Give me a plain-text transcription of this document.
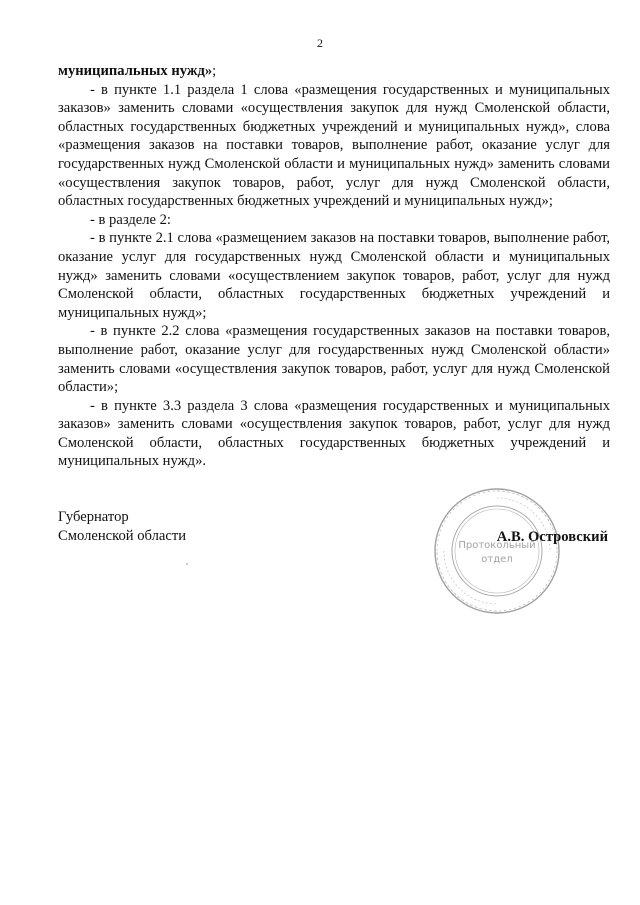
2

муниципальных нужд»;

- в пункте 1.1 раздела 1 слова «размещения государственных и муниципальных заказов» заменить словами «осуществления закупок для нужд Смоленской области, областных государственных бюджетных учреждений и муниципальных нужд», слова «размещения заказов на поставки товаров, выполнение работ, оказание услуг для государственных нужд Смоленской области и муниципальных нужд» заменить словами «осуществления закупок товаров, работ, услуг для нужд Смоленской области, областных государственных бюджетных учреждений и муниципальных нужд»;

- в разделе 2:

- в пункте 2.1 слова «размещением заказов на поставки товаров, выполнение работ, оказание услуг для государственных нужд Смоленской области и муниципальных нужд» заменить словами «осуществлением закупок товаров, работ, услуг для нужд Смоленской области, областных государственных бюджетных учреждений и муниципальных нужд»;

- в пункте 2.2 слова «размещения государственных заказов на поставки товаров, выполнение работ, оказание услуг для государственных нужд Смоленской области» заменить словами «осуществления закупок товаров, работ, услуг для нужд Смоленской области»;

- в пункте 3.3 раздела 3 слова «размещения государственных и муниципальных заказов» заменить словами «осуществления закупок товаров, работ, услуг для нужд Смоленской области, областных государственных бюджетных учреждений и муниципальных нужд».

Протокольный
отдел
Губернатор
Смоленской области	А.В. Островский
